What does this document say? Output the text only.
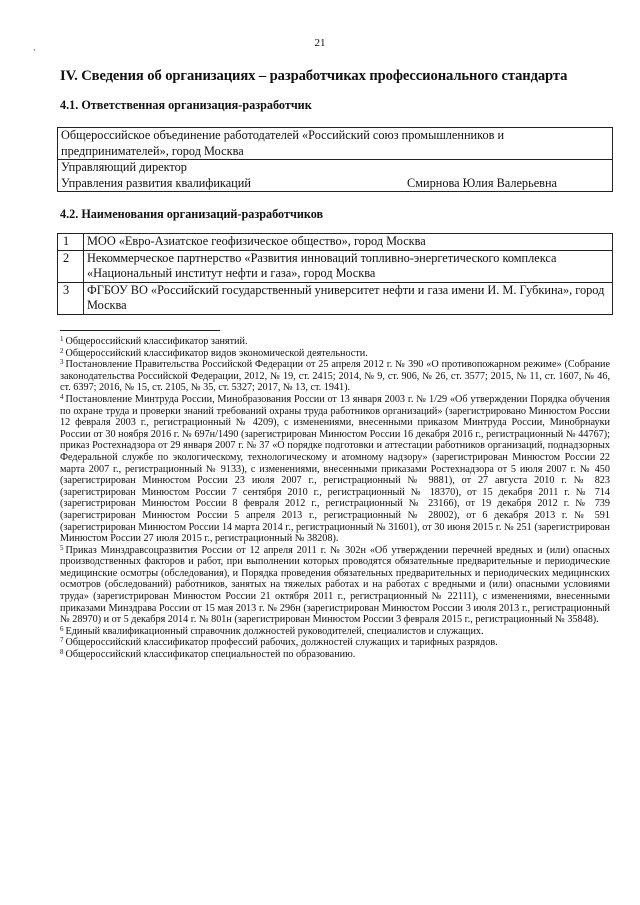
21
`
IV. Сведения об организациях – разработчиках профессионального стандарта
4.1. Ответственная организация-разработчик
Общероссийское объединение работодателей «Российский союз промышленников и предпринимателей», город Москва

Управляющий директор
Управления развития квалификаций	Смирнова Юлия Валерьевна
4.2. Наименования организаций-разработчиков
1	МОО «Евро-Азиатское геофизическое общество», город Москва
2	Некоммерческое партнерство «Развития инноваций топливно-энергетического комплекса «Национальный институт нефти и газа», город Москва
3	ФГБОУ ВО «Российский государственный университет нефти и газа имени И. М. Губкина», город Москва

$^1$ Общероссийский классификатор занятий.

$^2$ Общероссийский классификатор видов экономической деятельности.

$^3$ Постановление Правительства Российской Федерации от 25 апреля 2012 г. № 390 «О противопожарном режиме» (Собрание законодательства Российской Федерации, 2012, № 19, ст. 2415; 2014, № 9, ст. 906, № 26, ст. 3577; 2015, № 11, ст. 1607, № 46, ст. 6397; 2016, № 15, ст. 2105, № 35, ст. 5327; 2017, № 13, ст. 1941).

$^4$ Постановление Минтруда России, Минобразования России от 13 января 2003 г. № 1/29 «Об утверждении Порядка обучения по охране труда и проверки знаний требований охраны труда работников организаций» (зарегистрировано Минюстом России 12 февраля 2003 г., регистрационный № 4209), с изменениями, внесенными приказом Минтруда России, Минобрнауки России от 30 ноября 2016 г. № 697н/1490 (зарегистрирован Минюстом России 16 декабря 2016 г., регистрационный № 44767); приказ Ростехнадзора от 29 января 2007 г. № 37 «О порядке подготовки и аттестации работников организаций, поднадзорных Федеральной службе по экологическому, технологическому и атомному надзору» (зарегистрирован Минюстом России 22 марта 2007 г., регистрационный № 9133), с изменениями, внесенными приказами Ростехнадзора от 5 июля 2007 г. № 450 (зарегистрирован Минюстом России 23 июля 2007 г., регистрационный № 9881), от 27 августа 2010 г. № 823 (зарегистрирован Минюстом России 7 сентября 2010 г., регистрационный № 18370), от 15 декабря 2011 г. № 714 (зарегистрирован Минюстом России 8 февраля 2012 г., регистрационный № 23166), от 19 декабря 2012 г. № 739 (зарегистрирован Минюстом России 5 апреля 2013 г., регистрационный № 28002), от 6 декабря 2013 г. № 591 (зарегистрирован Минюстом России 14 марта 2014 г., регистрационный № 31601), от 30 июня 2015 г. № 251 (зарегистрирован Минюстом России 27 июля 2015 г., регистрационный № 38208).

$^5$ Приказ Минздравсоцразвития России от 12 апреля 2011 г. № 302н «Об утверждении перечней вредных и (или) опасных производственных факторов и работ, при выполнении которых проводятся обязательные предварительные и периодические медицинские осмотры (обследования), и Порядка проведения обязательных предварительных и периодических медицинских осмотров (обследований) работников, занятых на тяжелых работах и на работах с вредными и (или) опасными условиями труда» (зарегистрирован Минюстом России 21 октября 2011 г., регистрационный № 22111), с изменениями, внесенными приказами Минздрава России от 15 мая 2013 г. № 296н (зарегистрирован Минюстом России 3 июля 2013 г., регистрационный № 28970) и от 5 декабря 2014 г. № 801н (зарегистрирован Минюстом России 3 февраля 2015 г., регистрационный № 35848).

$^6$ Единый квалификационный справочник должностей руководителей, специалистов и служащих.

$^7$ Общероссийский классификатор профессий рабочих, должностей служащих и тарифных разрядов.

$^8$ Общероссийский классификатор специальностей по образованию.
